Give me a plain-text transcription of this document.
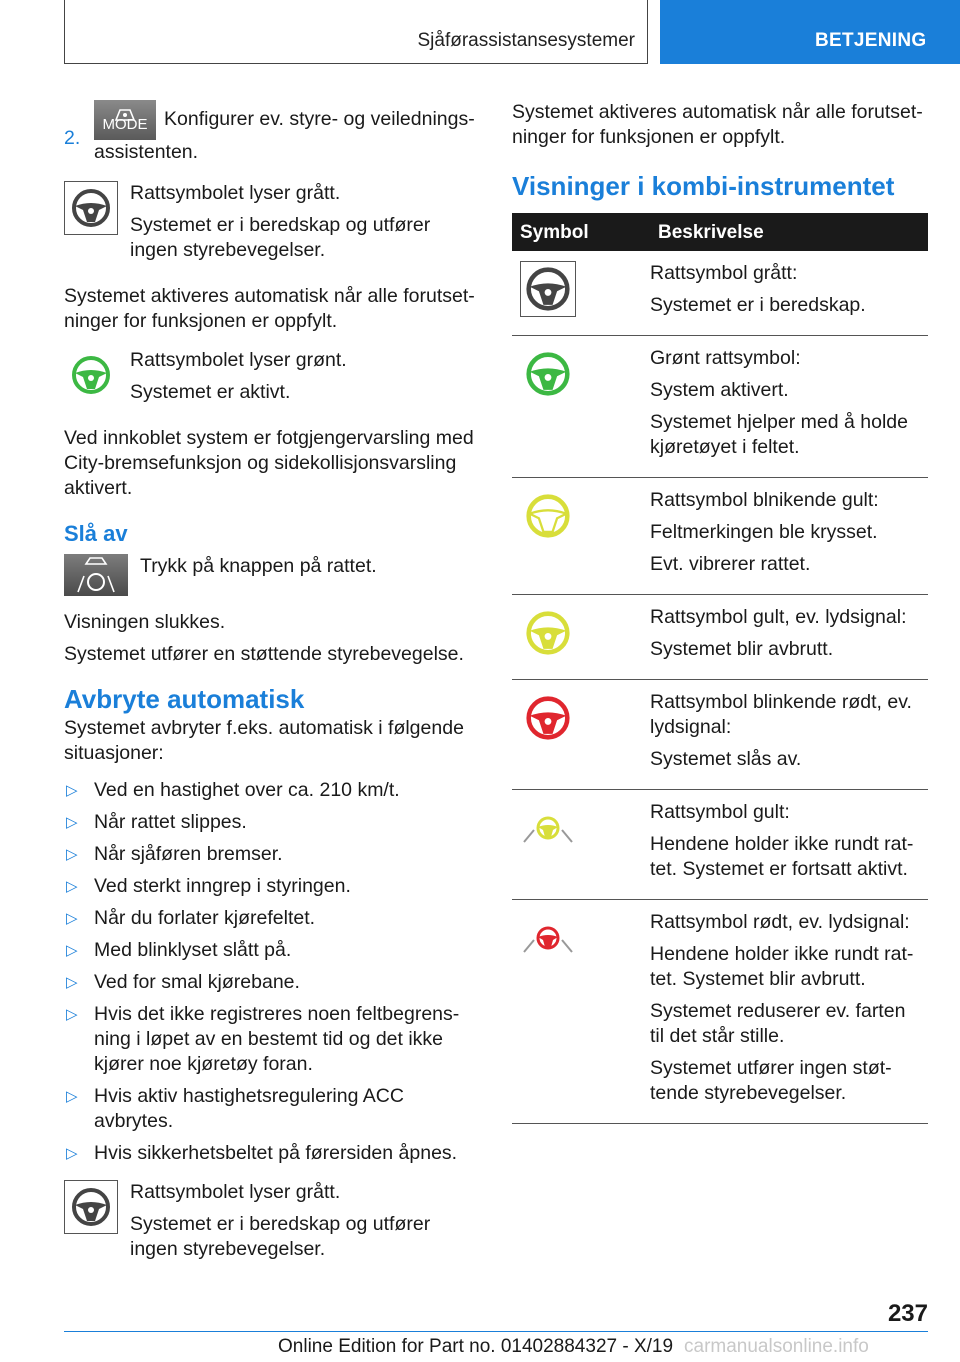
Sjåførassistansesystemer	BETJENING
2.
MODE Konfigurer ev. styre- og veiledningsassistenten.

Rattsymbolet lyser grått.

Systemet er i beredskap og utfører ingen styrebevegelser.

Systemet aktiveres automatisk når alle forutsetninger for funksjonen er oppfylt.

Rattsymbolet lyser grønt.

Systemet er aktivt.

Ved innkoblet system er fotgjengervarsling med City-bremsefunksjon og sidekollisjonsvarsling aktivert.

Slå av
Trykk på knappen på rattet.

Visningen slukkes.

Systemet utfører en støttende styrebevegelse.

Avbryte automatisk

Systemet avbryter f.eks. automatisk i følgende situasjoner:

▷ Ved en hastighet over ca. 210 km/t.
▷ Når rattet slippes.
▷ Når sjåføren bremser.
▷ Ved sterkt inngrep i styringen.
▷ Når du forlater kjørefeltet.
▷ Med blinklyset slått på.
▷ Ved for smal kjørebane.
▷ Hvis det ikke registreres noen feltbegrensning i løpet av en bestemt tid og det ikke kjører noe kjøretøy foran.
▷ Hvis aktiv hastighetsregulering ACC avbrytes.
▷ Hvis sikkerhetsbeltet på førersiden åpnes.

Rattsymbolet lyser grått.

Systemet er i beredskap og utfører ingen styrebevegelser.

Systemet aktiveres automatisk når alle forutsetninger for funksjonen er oppfylt.

Visninger i kombi-instrumentet
Symbol	Beskrivelse

Rattsymbol grått:
Systemet er i beredskap.

Grønt rattsymbol:
System aktivert.
Systemet hjelper med å holde kjøretøyet i feltet.

Rattsymbol blnikende gult:
Feltmerkingen ble krysset.
Evt. vibrerer rattet.

Rattsymbol gult, ev. lydsignal:
Systemet blir avbrutt.

Rattsymbol blinkende rødt, ev. lydsignal:
Systemet slås av.

Rattsymbol gult:
Hendene holder ikke rundt rattet. Systemet er fortsatt aktivt.

Rattsymbol rødt, ev. lydsignal:
Hendene holder ikke rundt rattet. Systemet blir avbrutt.
Systemet reduserer ev. farten til det står stille.
Systemet utfører ingen støttende styrebevegelser.
237
Online Edition for Part no. 01402884327 - X/19 carmanualsonline.info
